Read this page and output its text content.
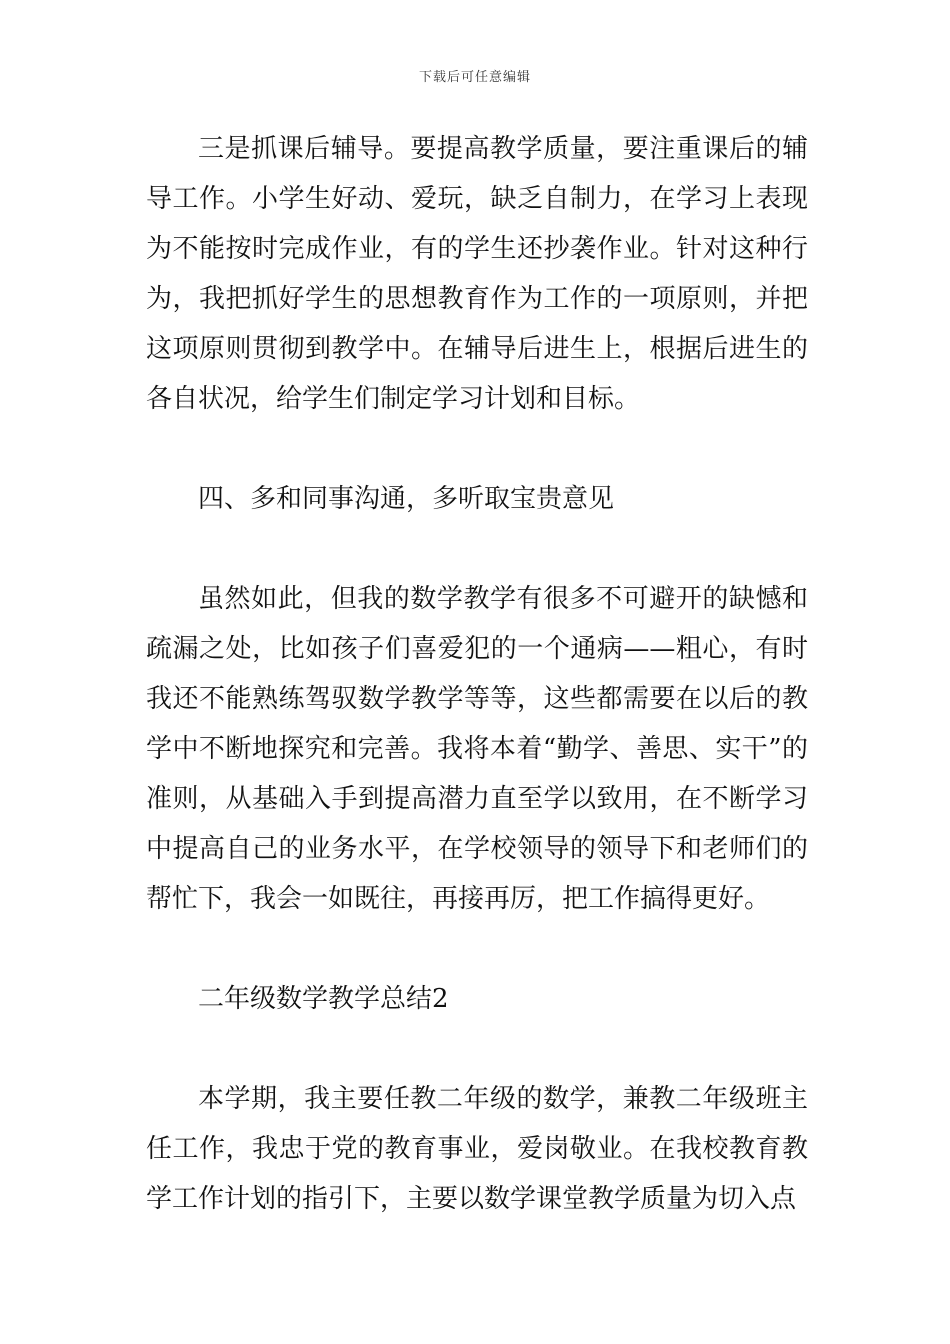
下载后可任意编辑

三是抓课后辅导。要提高教学质量，要注重课后的辅导工作。小学生好动、爱玩，缺乏自制力，在学习上表现为不能按时完成作业，有的学生还抄袭作业。针对这种行为，我把抓好学生的思想教育作为工作的一项原则，并把这项原则贯彻到教学中。在辅导后进生上，根据后进生的各自状况，给学生们制定学习计划和目标。

四、多和同事沟通，多听取宝贵意见

虽然如此，但我的数学教学有很多不可避开的缺憾和疏漏之处，比如孩子们喜爱犯的一个通病——粗心，有时我还不能熟练驾驭数学教学等等，这些都需要在以后的教学中不断地探究和完善。我将本着“勤学、善思、实干”的准则，从基础入手到提高潜力直至学以致用，在不断学习中提高自己的业务水平，在学校领导的领导下和老师们的帮忙下，我会一如既往，再接再厉，把工作搞得更好。

二年级数学教学总结2

本学期，我主要任教二年级的数学，兼教二年级班主任工作，我忠于党的教育事业，爱岗敬业。在我校教育教学工作计划的指引下，主要以数学课堂教学质量为切入点
